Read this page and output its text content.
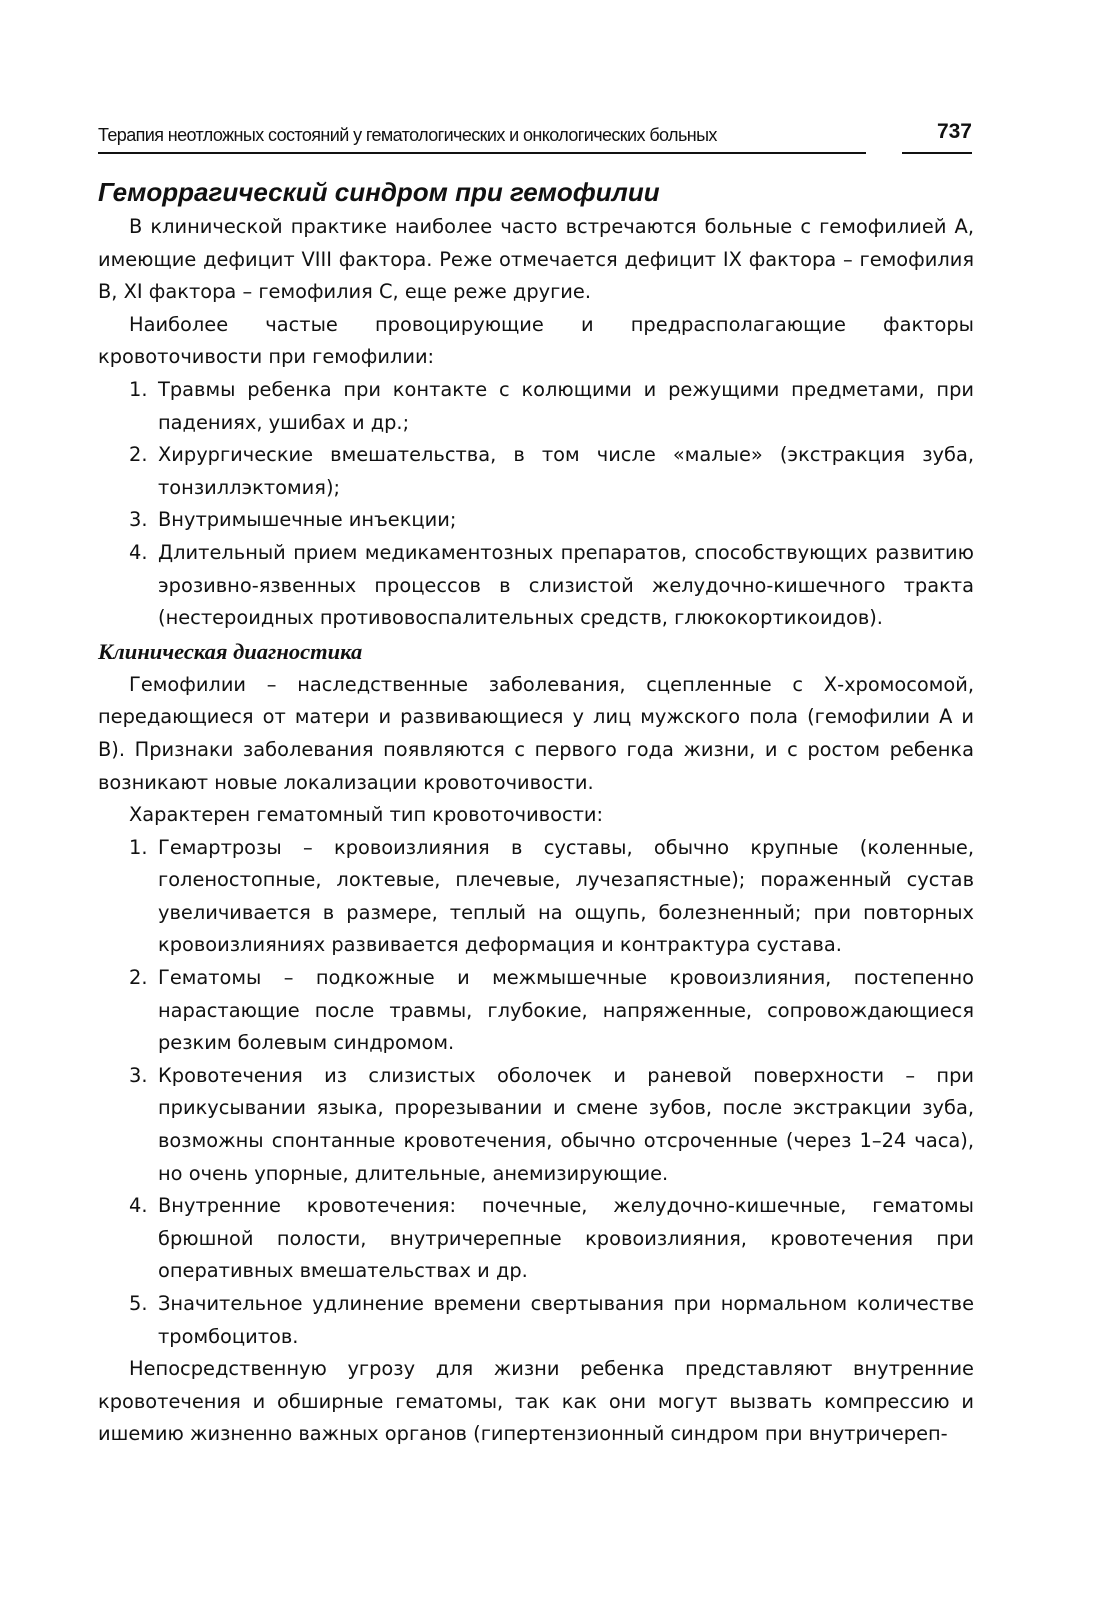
Терапия неотложных состояний у гематологических и онкологических больных	737
Геморрагический синдром при гемофилии

В клинической практике наиболее часто встречаются больные с гемофилией А, имеющие дефицит VIII фактора. Реже отмечается дефицит IX фактора – гемофилия В, XI фактора – гемофилия С, еще реже другие.

Наиболее частые провоцирующие и предрасполагающие факторы кровоточивости при гемофилии:

1. Травмы ребенка при контакте с колющими и режущими предметами, при падениях, ушибах и др.;
2. Хирургические вмешательства, в том числе «малые» (экстракция зуба, тонзиллэктомия);
3. Внутримышечные инъекции;
4. Длительный прием медикаментозных препаратов, способствующих развитию эрозивно-язвенных процессов в слизистой желудочно-кишечного тракта (нестероидных противовоспалительных средств, глюкокортикоидов).
Клиническая диагностика

Гемофилии – наследственные заболевания, сцепленные с Х-хромосомой, передающиеся от матери и развивающиеся у лиц мужского пола (гемофилии А и В). Признаки заболевания появляются с первого года жизни, и с ростом ребенка возникают новые локализации кровоточивости.

Характерен гематомный тип кровоточивости:

1. Гемартрозы – кровоизлияния в суставы, обычно крупные (коленные, голеностопные, локтевые, плечевые, лучезапястные); пораженный сустав увеличивается в размере, теплый на ощупь, болезненный; при повторных кровоизлияниях развивается деформация и контрактура сустава.
2. Гематомы – подкожные и межмышечные кровоизлияния, постепенно нарастающие после травмы, глубокие, напряженные, сопровождающиеся резким болевым синдромом.
3. Кровотечения из слизистых оболочек и раневой поверхности – при прикусывании языка, прорезывании и смене зубов, после экстракции зуба, возможны спонтанные кровотечения, обычно отсроченные (через 1–24 часа), но очень упорные, длительные, анемизирующие.
4. Внутренние кровотечения: почечные, желудочно-кишечные, гематомы брюшной полости, внутричерепные кровоизлияния, кровотечения при оперативных вмешательствах и др.
5. Значительное удлинение времени свертывания при нормальном количестве тромбоцитов.

Непосредственную угрозу для жизни ребенка представляют внутренние кровотечения и обширные гематомы, так как они могут вызвать компрессию и ишемию жизненно важных органов (гипертензионный синдром при внутричереп-
